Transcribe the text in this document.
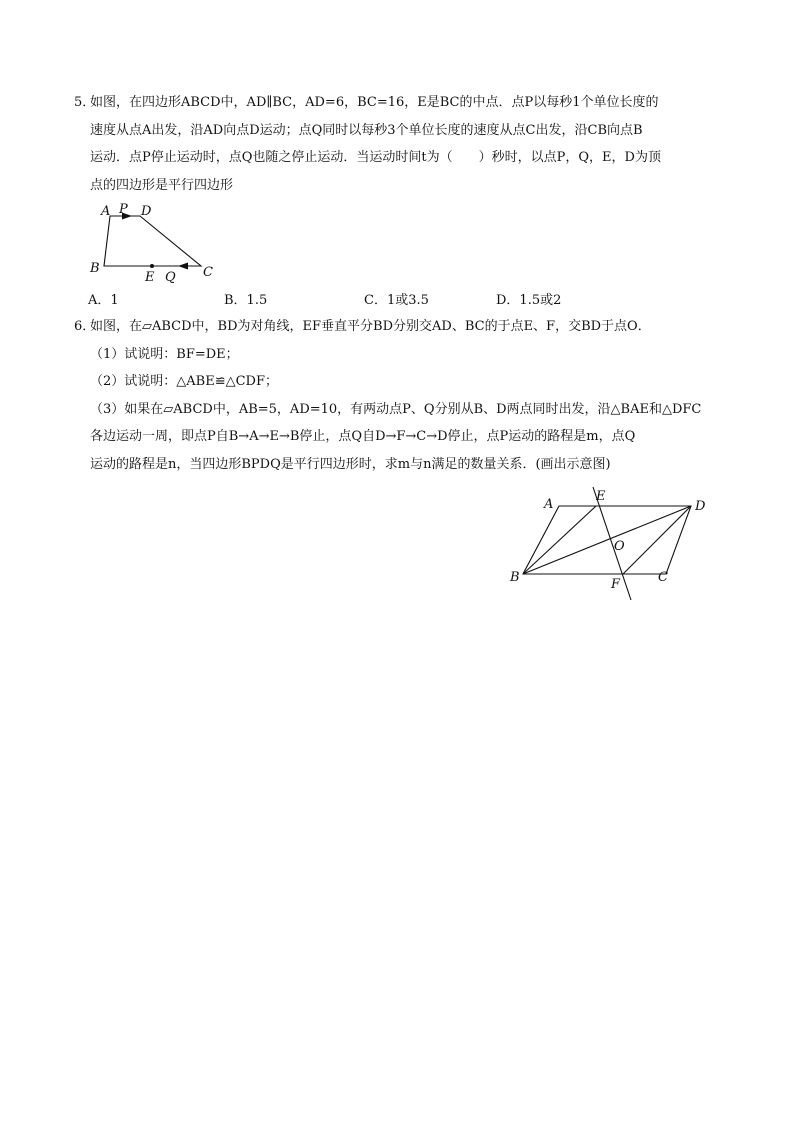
5．如图，在四边形ABCD中，AD∥BC，AD=6，BC=16，E是BC的中点．点P以每秒1个单位长度的
速度从点A出发，沿AD向点D运动；点Q同时以每秒3个单位长度的速度从点C出发，沿CB向点B
运动．点P停止运动时，点Q也随之停止运动．当运动时间t为（　　）秒时，以点P，Q，E，D为顶
点的四边形是平行四边形
A P D
B
E Q C
A．1	B．1.5	C．1或3.5	D．1.5或2
6．如图，在▱ABCD中，BD为对角线，EF垂直平分BD分别交AD、BC的于点E、F，交BD于点O．
（1）试说明：BF=DE；
（2）试说明：△ABE≌△CDF；
（3）如果在▱ABCD中，AB=5，AD=10，有两动点P、Q分别从B、D两点同时出发，沿△BAE和△DFC
各边运动一周，即点P自B→A→E→B停止，点Q自D→F→C→D停止，点P运动的路程是m，点Q
运动的路程是n，当四边形BPDQ是平行四边形时，求m与n满足的数量关系．(画出示意图)
A
E
D
O
B	F	C
